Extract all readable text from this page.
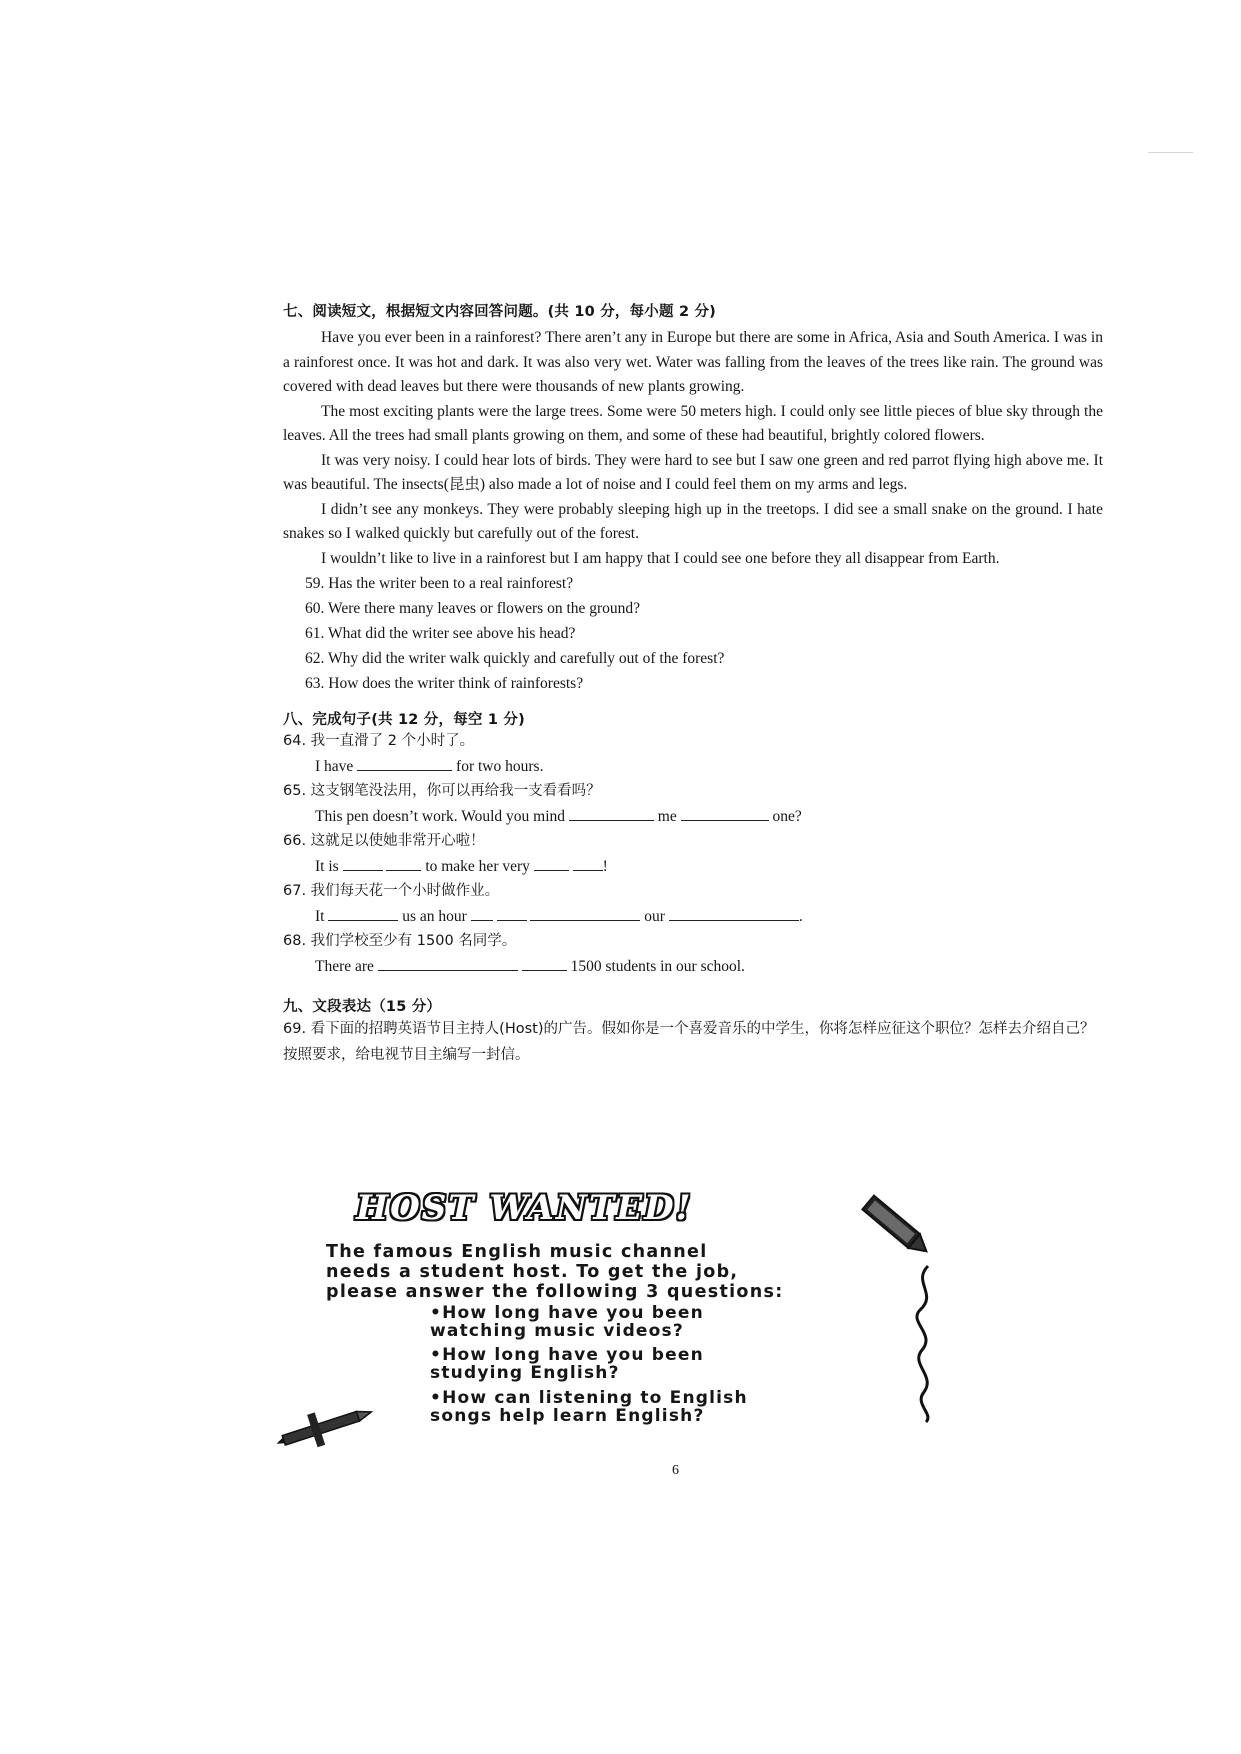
七、阅读短文，根据短文内容回答问题。(共 10 分，每小题 2 分)

Have you ever been in a rainforest? There aren’t any in Europe but there are some in Africa, Asia and South America. I was in a rainforest once. It was hot and dark. It was also very wet. Water was falling from the leaves of the trees like rain. The ground was covered with dead leaves but there were thousands of new plants growing.

The most exciting plants were the large trees. Some were 50 meters high. I could only see little pieces of blue sky through the leaves. All the trees had small plants growing on them, and some of these had beautiful, brightly colored flowers.

It was very noisy. I could hear lots of birds. They were hard to see but I saw one green and red parrot flying high above me. It was beautiful. The insects(昆虫) also made a lot of noise and I could feel them on my arms and legs.

I didn’t see any monkeys. They were probably sleeping high up in the treetops. I did see a small snake on the ground. I hate snakes so I walked quickly but carefully out of the forest.

I wouldn’t like to live in a rainforest but I am happy that I could see one before they all disappear from Earth.

59. Has the writer been to a real rainforest?
60. Were there many leaves or flowers on the ground?
61. What did the writer see above his head?
62. Why did the writer walk quickly and carefully out of the forest?
63. How does the writer think of rainforests?

八、完成句子(共 12 分，每空 1 分)

64. 我一直滑了 2 个小时了。

I have	for two hours.

65. 这支钢笔没法用，你可以再给我一支看看吗？

This pen doesn’t work. Would you mind	me	one?

66. 这就足以使她非常开心啦！

It is	to make her very	!

67. 我们每天花一个小时做作业。

It	us an hour	our	.

68. 我们学校至少有 1500 名同学。

There are	1500 students in our school.

九、文段表达（15 分）

69. 看下面的招聘英语节目主持人(Host)的广告。假如你是一个喜爱音乐的中学生，你将怎样应征这个职位？怎样去介绍自己？按照要求，给电视节目主编写一封信。

HOST WANTED!

The famous English music channel
needs a student host. To get the job,
please answer the following 3 questions:

•How long have you been
watching music videos?

•How long have you been
studying English?

•How can listening to English
songs help learn English?

6
